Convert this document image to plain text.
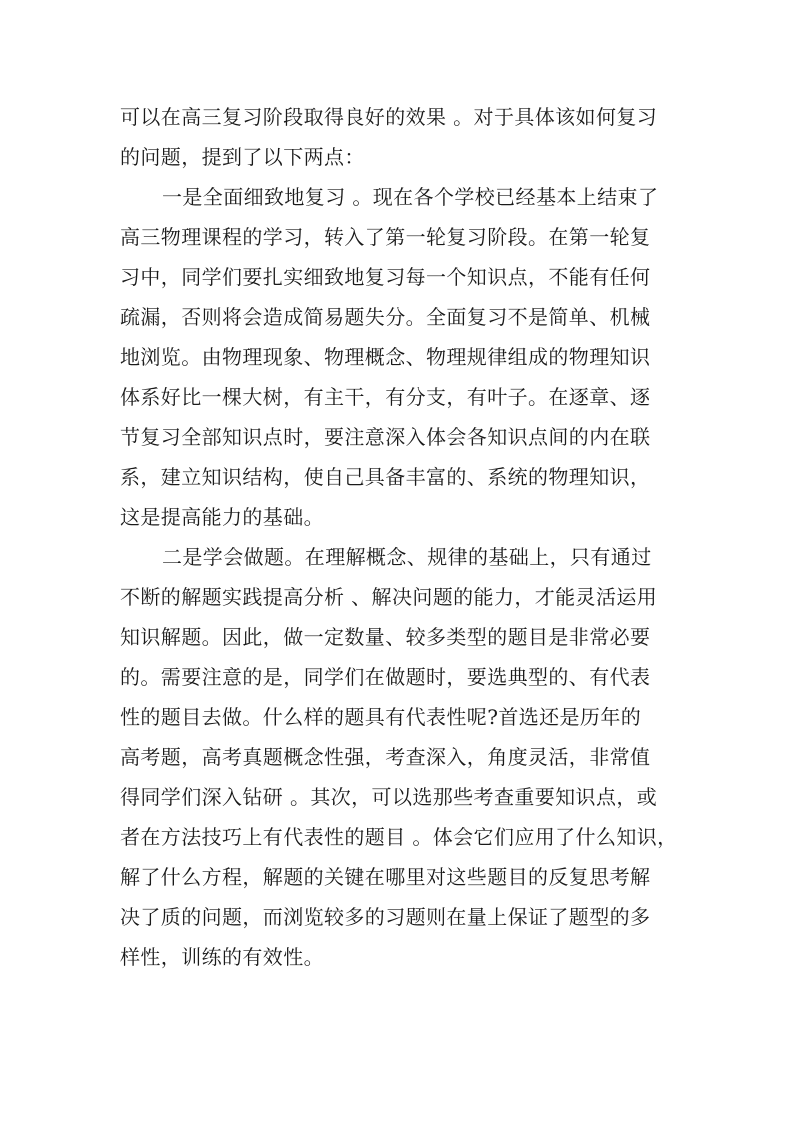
可以在高三复习阶段取得良好的效果 。对于具体该如何复习
的问题，提到了以下两点：
一是全面细致地复习 。现在各个学校已经基本上结束了
高三物理课程的学习，转入了第一轮复习阶段。在第一轮复
习中，同学们要扎实细致地复习每一个知识点，不能有任何
疏漏，否则将会造成简易题失分。全面复习不是简单、机械
地浏览。由物理现象、物理概念、物理规律组成的物理知识
体系好比一棵大树，有主干，有分支，有叶子。在逐章、逐
节复习全部知识点时，要注意深入体会各知识点间的内在联
系，建立知识结构，使自己具备丰富的、系统的物理知识，
这是提高能力的基础。
二是学会做题。在理解概念、规律的基础上，只有通过
不断的解题实践提高分析 、解决问题的能力，才能灵活运用
知识解题。因此，做一定数量、较多类型的题目是非常必要
的。需要注意的是，同学们在做题时，要选典型的、有代表
性的题目去做。什么样的题具有代表性呢?首选还是历年的
高考题，高考真题概念性强，考查深入，角度灵活，非常值
得同学们深入钻研 。其次，可以选那些考查重要知识点，或
者在方法技巧上有代表性的题目 。体会它们应用了什么知识，
解了什么方程，解题的关键在哪里对这些题目的反复思考解
决了质的问题，而浏览较多的习题则在量上保证了题型的多
样性，训练的有效性。
